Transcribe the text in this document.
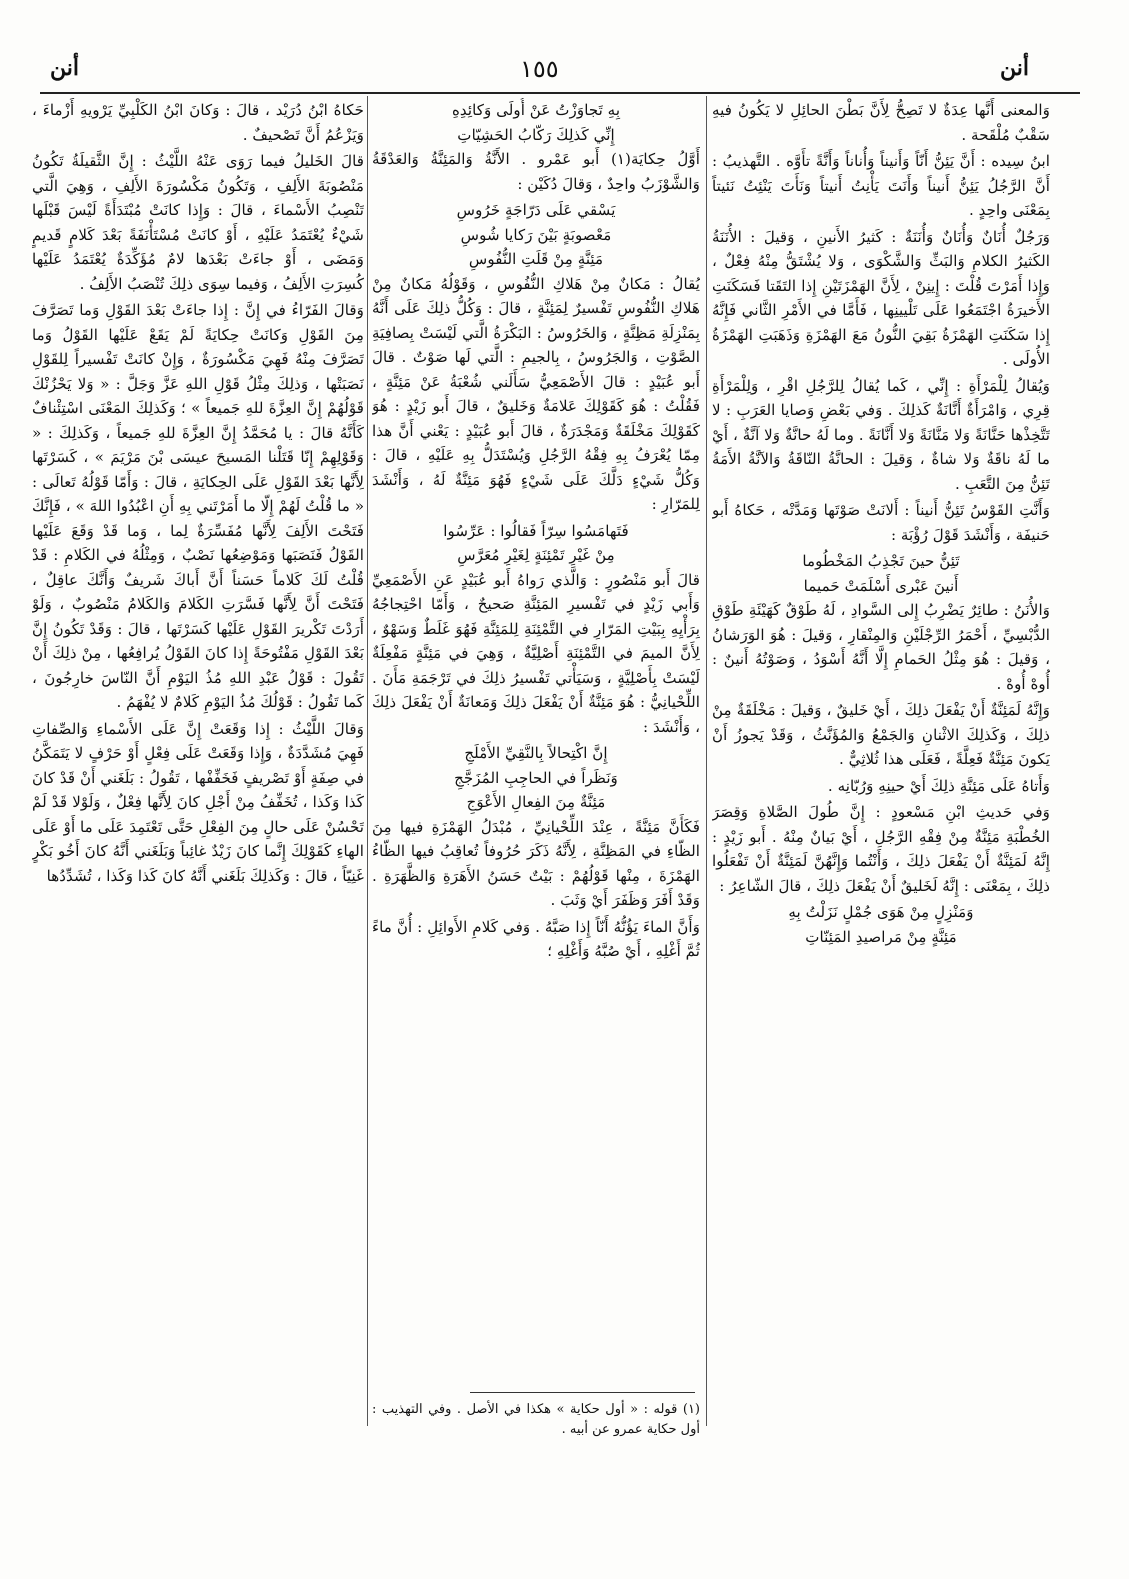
أنن
١٥٥
أنن

وَالمعنى أَنَّها عِدَةٌ لا تَصِحُّ لِأَنَّ بَطْنَ الحائِلِ لا يَكُونُ فيهِ سَقْبٌ مُلْقَحة .

ابنُ سِيده : أَنَّ يَئِنُّ أَنّاً وَأَنيناً وَأُناناً وَأَنَّةً تأَوَّه . التَّهذيبُ : أَنَّ الرَّجُلُ يَئِنُّ أَنيناً وَأَنَتَ يَأْنِتُ أَنيتاً وَنَأَتَ يَنْئِتُ نَئيتاً بِمَعْنَى واحِدٍ .

وَرَجُلٌ أُنَانٌ وَأُنَانٌ وَأُنَنَةٌ : كَثيرُ الأَنينِ ، وَقيلَ : الأُنَنَةُ الكَثيرُ الكلامِ وَالبَثِّ وَالشَّكْوَى ، وَلا يُشْتَقُّ مِنْهُ فِعْلٌ ، وَإِذا أَمَرْتَ قُلْتَ : إِينِنْ ، لِأَنَّ الهَمْزَتَيْنِ إِذا التَقَتا فَسَكَنَتِ الأَخيرَةُ اجْتَمَعُوا عَلَى تَلْيينِها ، فَأَمَّا في الأَمْرِ الثَّاني فَإِنَّهُ إِذا سَكَنَتِ الهَمْزَةُ بَقِيَ النُّونُ مَعَ الهَمْزَةِ وَذَهَبَتِ الهَمْزَةُ الأُولَى .

وَيُقالُ لِلْمَرْأَةِ : إِنِّي ، كَما يُقالُ لِلرَّجُلِ اقْرِ ، وَلِلْمَرْأَةِ قِرِي ، وَامْرَأَةٌ أَنَّانَةٌ كَذلِكَ . وَفي بَعْضِ وَصايا العَرَبِ : لا تَتَّخِذْها حَنَّانَةً وَلا مَنَّانَةً وَلا أَنَّانَةً . وما لَهُ حانَّةٌ وَلا آنَّةٌ ، أَيْ ما لَهُ ناقَةٌ وَلا شاةٌ ، وَقيلَ : الحانَّةُ النّاقَةُ وَالآنَّةُ الأَمَةُ تَئِنُّ مِنَ التَّعَبِ .

وَأَنَّتِ القَوْسُ تَئِنُّ أَنيناً : أَلانَتْ صَوْتَها وَمَدَّتْه ، حَكاهُ أَبو حَنيفَة ، وَأَنْشَدَ قَوْلَ رُؤْبَة :

تَئِنُّ حينَ تَجْذِبُ المَخْطُوما

أَنينَ عَبْرى أَسْلَمَتْ حَميما

وَالأُنَنُ : طائِرٌ يَضْرِبُ إِلى السَّوادِ ، لَهُ طَوْقٌ كَهَيْئَةِ طَوْقِ الدُّبْسِيِّ ، أَحْمَرُ الرِّجْلَيْنِ وَالمِنْقارِ ، وَقيلَ : هُوَ الوَرَشانُ ، وَقيلَ : هُوَ مِثْلُ الحَمامِ إِلَّا أَنَّهُ أَسْوَدُ ، وَصَوْتُهُ أَنينٌ : أُوهْ أُوهْ .

وَإِنَّهُ لَمَئِنَّةٌ أَنْ يَفْعَلَ ذلِكَ ، أَيْ خَليقٌ ، وَقيلَ : مَخْلَقَةٌ مِنْ ذلِكَ ، وَكَذلِكَ الاثْنانِ وَالجَمْعُ وَالمُؤَنَّثُ ، وَقَدْ يَجوزُ أَنْ يَكونَ مَئِنَّةٌ فَعِلَّةً ، فَعَلَى هذا ثُلاثِيٌّ .

وَأَتاهُ عَلَى مَئِنَّةِ ذلِكَ أَيْ حينِهِ وَرُبّانِه .

وَفي حَديثِ ابْنِ مَسْعودٍ : إِنَّ طُولَ الصَّلاةِ وَقِصَرَ الخُطْبَةِ مَئِنَّةٌ مِنْ فِقْهِ الرَّجُلِ ، أَيْ بَيانٌ مِنْهُ . أَبو زَيْدٍ : إِنَّهُ لَمَئِنَّةٌ أَنْ يَفْعَلَ ذلِكَ ، وَأَنْتُما وَإِنَّهُنَّ لَمَئِنَّةٌ أَنْ تَفْعَلُوا ذلِكَ ، بِمَعْنَى : إِنَّهُ لَخَليقٌ أَنْ يَفْعَلَ ذلِكَ ، قالَ الشّاعِرُ :

وَمَنْزِلٍ مِنْ هَوَى جُمْلٍ نَزَلْتُ بِهِ

مَئِنَّةٍ مِنْ مَراصيدِ المَئِنّاتِ

بِهِ تَجاوَزْتُ عَنْ أُولَى وَكائِدِهِ

إِنِّي كَذلِكَ رَكّابُ الحَشِيّاتِ

أَوَّلُ حِكايَة(١) أَبو عَمْرو . الأَنَّةُ وَالمَئِنَّةُ وَالعَدْقَةُ وَالشَّوْزَبُ واحِدٌ ، وَقالَ دُكَيْن :

يَسْقي عَلَى دَرّاجَةٍ خَرُوسِ

مَعْصوبَةٍ بَيْنَ رَكايا شُوسِ

مَئِنَّةٍ مِنْ قَلَتِ النُّفُوسِ

يُقالُ : مَكانٌ مِنْ هَلاكِ النُّفُوسِ ، وَقَوْلُهُ مَكانٌ مِنْ هَلاكِ النُّفُوسِ تَفْسيرٌ لِمَئِنَّةٍ ، قالَ : وَكُلُّ ذلِكَ عَلَى أَنَّهُ بِمَنْزِلَةِ مَظِنَّةٍ ، وَالخَرُوسُ : البَكْرَةُ الَّتي لَيْسَتْ بِصافِيَةِ الصَّوْتِ ، وَالجَرُوسُ ، بِالجيمِ : الَّتي لَها صَوْتٌ . قالَ أَبو عُبَيْدٍ : قالَ الأَصْمَعِيُّ سَأَلَني شُعْبَةُ عَنْ مَئِنَّةٍ ، فَقُلْتُ : هُوَ كَقَوْلِكَ عَلامَةٌ وَخَليقٌ ، قالَ أَبو زَيْدٍ : هُوَ كَقَوْلِكَ مَخْلَقَةٌ وَمَجْدَرَةٌ ، قالَ أَبو عُبَيْدٍ : يَعْني أَنَّ هذا مِمّا يُعْرَفُ بِهِ فِقْهُ الرَّجُلِ وَيُسْتَدَلُّ بِهِ عَلَيْهِ ، قالَ : وَكُلُّ شَيْءٍ دَلَّكَ عَلَى شَيْءٍ فَهُوَ مَئِنَّةٌ لَهُ ، وَأَنْشَدَ لِلمَرّارِ :

فَتَهامَسُوا سِرّاً فَقالُوا : عَرِّسُوا

مِنْ غَيْرِ تَمْئِنَةٍ لِغَيْرِ مُعَرَّسِ

قالَ أَبو مَنْصُورٍ : وَالَّذي رَواهُ أَبو عُبَيْدٍ عَنِ الأَصْمَعِيِّ وَأَبي زَيْدٍ في تَفْسيرِ المَئِنَّةِ صَحيحٌ ، وَأَمّا احْتِجاجُهُ بِرَأْيِهِ بِبَيْتِ المَرّارِ في التَّمْئِنَةِ لِلمَئِنَّةِ فَهُوَ غَلَطٌ وَسَهْوٌ ، لِأَنَّ الميمَ في التَّمْئِنَةِ أَصْلِيَّةٌ ، وَهِيَ في مَئِنَّةٍ مَفْعِلَةٌ لَيْسَتْ بِأَصْلِيَّةٍ ، وَسَيَأْتي تَفْسيرُ ذلِكَ في تَرْجَمَةِ مَأَنَ . اللِّحْيانِيُّ : هُوَ مَئِنَّةٌ أَنْ يَفْعَلَ ذلِكَ وَمَعانَةٌ أَنْ يَفْعَلَ ذلِكَ ، وَأَنْشَدَ :

إِنَّ اكْتِحالاً بِالنَّقِيِّ الأَمْلَجِ

وَنَظَراً في الحاجِبِ المُزَجَّجِ

مَئِنَّةٌ مِنَ الفِعالِ الأَعْوَجِ

فَكَأَنَّ مَئِنَّةً ، عِنْدَ اللِّحْيانِيِّ ، مُبْدَلُ الهَمْزَةِ فيها مِنَ الظّاءِ في المَظِنَّةِ ، لِأَنَّهُ ذَكَرَ حُرُوفاً تُعاقِبُ فيها الظّاءُ الهَمْزَةَ ، مِنْها قَوْلُهُمْ : بَيْتٌ حَسَنُ الأَهَرَةِ وَالظَّهَرَةِ . وَقَدْ أَفَرَ وَظَفَرَ أَيْ وَثَبَ .

وَأَنَّ الماءَ يَؤُنُّهُ أَنّاً إِذا صَبَّهُ . وَفي كَلامِ الأَوائِلِ : أُنَّ ماءً ثُمَّ أَغْلِهِ ، أَيْ صُبَّهُ وَأَغْلِهِ ؛

حَكاهُ ابْنُ دُرَيْد ، قالَ : وَكانَ ابْنُ الكَلْبِيِّ يَرْويهِ أَزْماءَ ، وَيَزْعُمُ أَنَّ تَصْحيفٌ .

قالَ الخَليلُ فيما رَوَى عَنْهُ اللَّيْثُ : إِنَّ الثَّقيلَةُ تَكُونُ مَنْصُوبَةَ الأَلِفِ ، وَتَكُونُ مَكْسُورَةَ الأَلِفِ ، وَهِيَ الَّتي تَنْصِبُ الأَسْماءَ ، قالَ : وَإِذا كانَتْ مُبْتَدَأَةً لَيْسَ قَبْلَها شَيْءٌ يُعْتَمَدُ عَلَيْهِ ، أَوْ كانَتْ مُسْتَأْنَفَةً بَعْدَ كَلامٍ قَديمٍ وَمَضَى ، أَوْ جاءَتْ بَعْدَها لامٌ مُؤَكِّدَةٌ يُعْتَمَدُ عَلَيْها كُسِرَتِ الأَلِفُ ، وَفيما سِوَى ذلِكَ تُنْصَبُ الأَلِفُ .

وَقالَ الفَرّاءُ في إِنَّ : إِذا جاءَتْ بَعْدَ القَوْلِ وَما تَصَرَّفَ مِنَ القَوْلِ وَكانَتْ حِكايَةً لَمْ يَقَعْ عَلَيْها القَوْلُ وَما تَصَرَّفَ مِنْهُ فَهِيَ مَكْسُورَةٌ ، وَإِنْ كانَتْ تَفْسيراً لِلقَوْلِ نَصَبَتْها ، وَذلِكَ مِثْلُ قَوْلِ اللهِ عَزَّ وَجَلَّ : « وَلا يَحْزُنْكَ قَوْلُهُمْ إِنَّ العِزَّةَ للهِ جَميعاً » ؛ وَكَذلِكَ المَعْنَى اسْتِئْنافٌ كَأَنَّهُ قالَ : يا مُحَمَّدُ إِنَّ العِزَّةَ للهِ جَميعاً ، وَكَذلِكَ : « وَقَوْلِهِمْ إِنّا قَتَلْنا المَسيحَ عيسَى بْنَ مَرْيَمَ » ، كَسَرْتَها لِأَنَّها بَعْدَ القَوْلِ عَلَى الحِكايَةِ ، قالَ : وَأَمّا قَوْلُهُ تَعالَى : « ما قُلْتُ لَهُمْ إِلّا ما أَمَرْتَني بِهِ أَنِ اعْبُدُوا اللهَ » ، فَإِنَّكَ فَتَحْتَ الأَلِفَ لِأَنَّها مُفَسِّرَةٌ لِما ، وَما قَدْ وَقَعَ عَلَيْها القَوْلُ فَنَصَبَها وَمَوْضِعُها نَصْبٌ ، وَمِثْلُهُ في الكَلامِ : قَدْ قُلْتُ لَكَ كَلاماً حَسَناً أَنَّ أَباكَ شَريفٌ وَأَنَّكَ عاقِلٌ ، فَتَحْتَ أَنَّ لِأَنَّها فَسَّرَتِ الكَلامَ وَالكَلامُ مَنْصُوبٌ ، وَلَوْ أَرَدْتَ تَكْريرَ القَوْلِ عَلَيْها كَسَرْتَها ، قالَ : وَقَدْ تَكُونُ إِنَّ بَعْدَ القَوْلِ مَفْتُوحَةً إِذا كانَ القَوْلُ يُرافِعُها ، مِنْ ذلِكَ أَنْ تَقُولَ : قَوْلُ عَبْدِ اللهِ مُذُ اليَوْمِ أَنَّ النّاسَ خارِجُونَ ، كَما تَقُولُ : قَوْلُكَ مُذُ اليَوْمِ كَلامٌ لا يُفْهَمُ .

وَقالَ اللَّيْثُ : إِذا وَقَعَتْ إِنَّ عَلَى الأَسْماءِ وَالصِّفاتِ فَهِيَ مُشَدَّدَةٌ ، وَإِذا وَقَعَتْ عَلَى فِعْلٍ أَوْ حَرْفٍ لا يَتَمَكَّنُ في صِفَةٍ أَوْ تَصْريفٍ فَخَفِّفْها ، تَقُولُ : بَلَغَني أَنْ قَدْ كانَ كَذا وَكَذا ، تُخَفِّفُ مِنْ أَجْلِ كانَ لِأَنَّها فِعْلٌ ، وَلَوْلا قَدْ لَمْ تَحْسُنْ عَلَى حالٍ مِنَ الفِعْلِ حَتَّى تَعْتَمِدَ عَلَى ما أَوْ عَلَى الهاءِ كَقَوْلِكَ إِنَّما كانَ زَيْدٌ غائِباً وَبَلَغَني أَنَّهُ كانَ أَخُو بَكْرٍ غَنِيّاً ، قالَ : وَكَذلِكَ بَلَغَني أَنَّهُ كانَ كَذا وَكَذا ، تُشَدِّدُها

(١) قوله : « أول حكاية » هكذا في الأصل . وفي التهذيب : أول حكاية عمرو عن أبيه .
